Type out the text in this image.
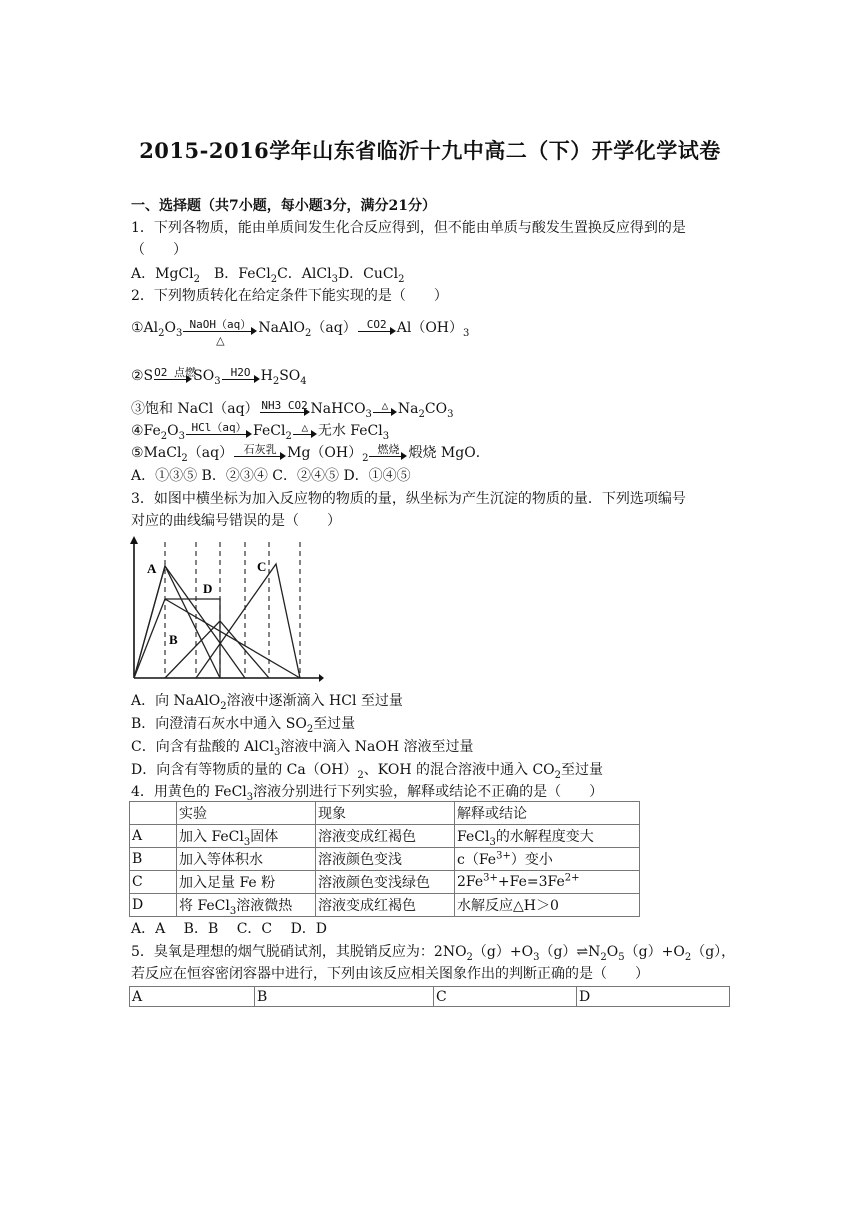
2015-2016学年山东省临沂十九中高二（下）开学化学试卷
一、选择题（共7小题，每小题3分，满分21分）
1．下列各物质，能由单质间发生化合反应得到，但不能由单质与酸发生置换反应得到的是
（　　）
A．MgCl$_2$　B．FeCl$_2$C．AlCl$_3$D．CuCl$_2$
2．下列物质转化在给定条件下能实现的是（　　）
$①Al_2O_3$
NaOH（aq）
△
NaAlO$_2$（aq） CO2 $Al(OH)_3$
②S O2 点燃
$SO_3$
H2O $H_2SO_4$
③饱和 NaCl（aq） NH3 CO2 NaHCO$_3$
△ $Na_2CO_3$
$④Fe_2O_3$
HCl（aq） FeCl$_2$
△ 无水 FeCl$_3$
⑤MaCl$_2$（aq） 石灰乳 $Mg(OH)_2$
燃烧 煅烧 MgO．
A．①③⑤ B．②③④ C．②④⑤ D．①④⑤
3．如图中横坐标为加入反应物的物质的量，纵坐标为产生沉淀的物质的量．下列选项编号
对应的曲线编号错误的是（　　）
A
B
C
D
A．向 NaAlO$_2$溶液中逐渐滴入 HCl 至过量
B．向澄清石灰水中通入 $SO_2$至过量
C．向含有盐酸的 AlCl$_3$溶液中滴入 NaOH 溶液至过量
D．向含有等物质的量的 $Ca(OH)_2$、KOH 的混合溶液中通入 $CO_2$至过量
4．用黄色的 FeCl$_3$溶液分别进行下列实验，解释或结论不正确的是（　　）
	实验	现象	解释或结论
A	加入 FeCl$_3$固体	溶液变成红褐色	FeCl$_3$的水解程度变大
B	加入等体积水	溶液颜色变浅	$c(Fe^{3+})$变小
C	加入足量 Fe 粉	溶液颜色变浅绿色	$2Fe^{3+}+Fe=3Fe^{2+}$
D	将 FeCl$_3$溶液微热	溶液变成红褐色	水解反应△H＞0
A．A　 B．B　 C．C　 D．D
5．臭氧是理想的烟气脱硝试剂，其脱销反应为：$2NO_2(g)+O_3(g)\rightleftharpoons N_2O_5(g)+O_2(g)$，
若反应在恒容密闭容器中进行，下列由该反应相关图象作出的判断正确的是（　　）
A	B	C	D
